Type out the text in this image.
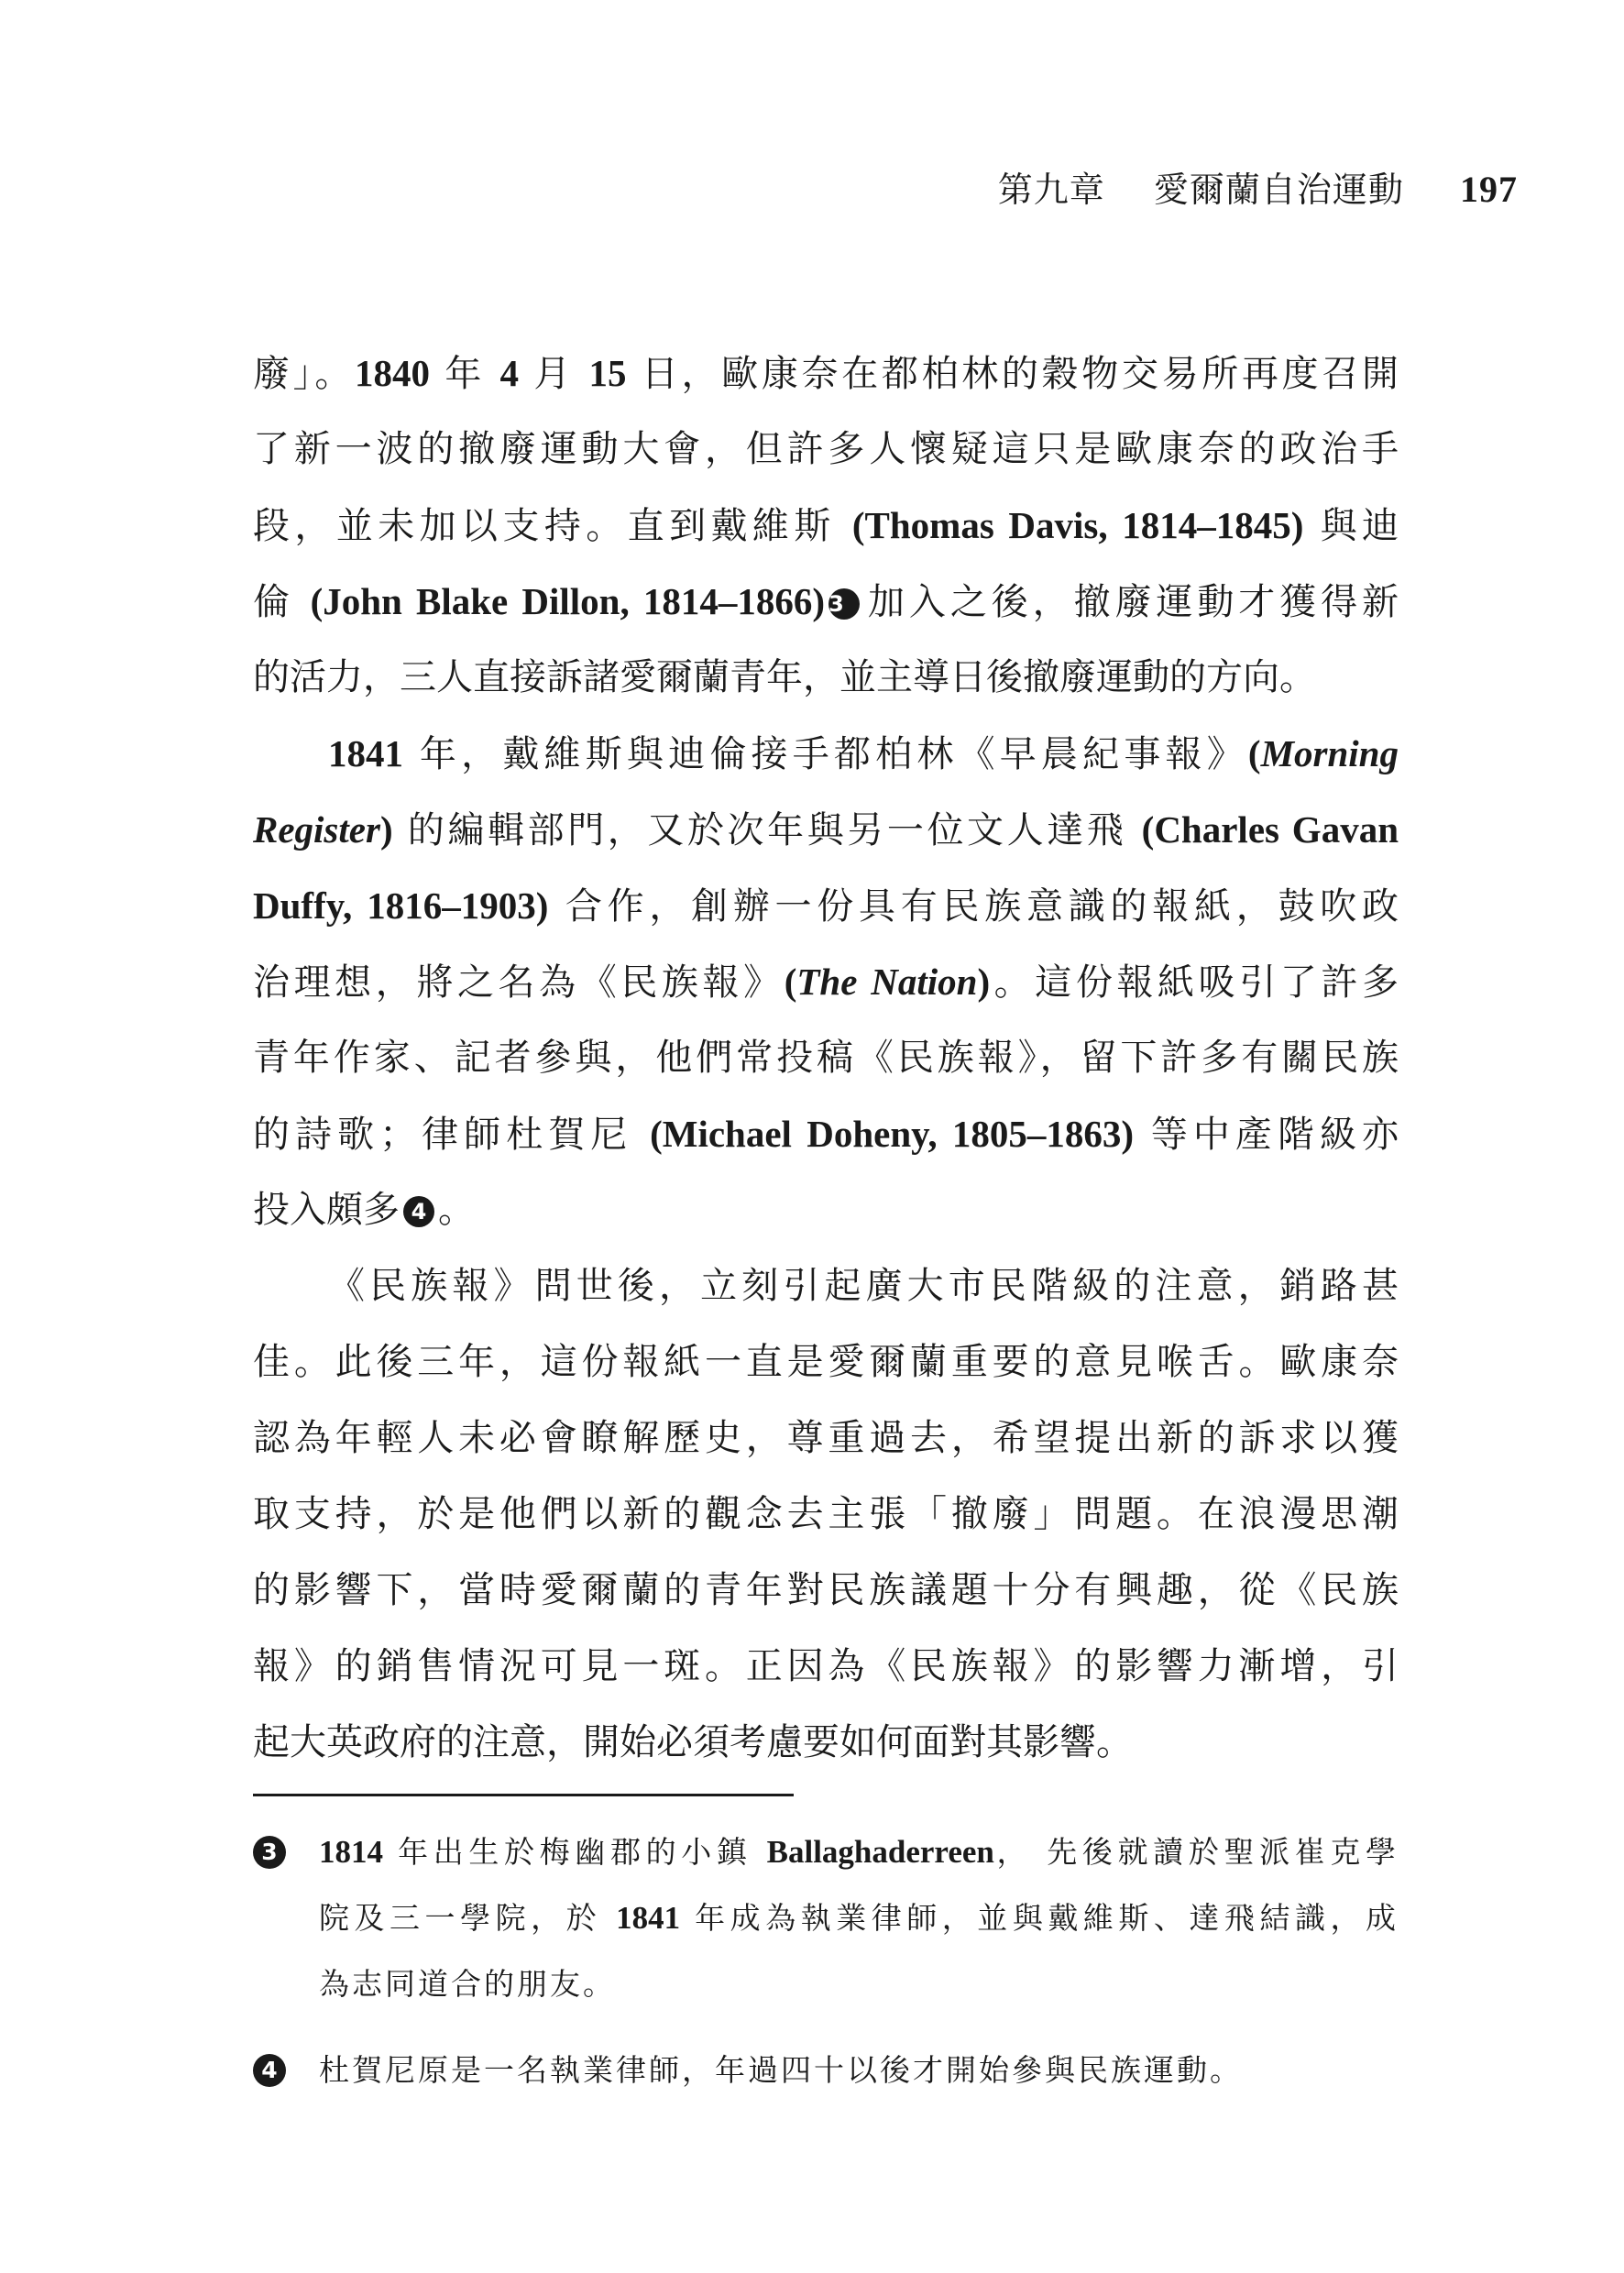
第九章 愛爾蘭自治運動 197
廢」。1840 年 4 月 15 日，歐康奈在都柏林的穀物交易所再度召開
了新一波的撤廢運動大會，但許多人懷疑這只是歐康奈的政治手
段，並未加以支持。直到戴維斯 (Thomas Davis, 1814–1845) 與迪
倫 (John Blake Dillon, 1814–1866) 3 加入之後，撤廢運動才獲得新
的活力，三人直接訴諸愛爾蘭青年，並主導日後撤廢運動的方向。
1841 年，戴維斯與迪倫接手都柏林《早晨紀事報》(Morning
Register) 的編輯部門，又於次年與另一位文人達飛 (Charles Gavan
Duffy, 1816–1903) 合作，創辦一份具有民族意識的報紙，鼓吹政
治理想，將之名為《民族報》(The Nation)。這份報紙吸引了許多
青年作家、記者參與，他們常投稿《民族報》，留下許多有關民族
的詩歌；律師杜賀尼 (Michael Doheny, 1805–1863) 等中產階級亦
投入頗多 4 。
《民族報》問世後，立刻引起廣大市民階級的注意，銷路甚
佳。此後三年，這份報紙一直是愛爾蘭重要的意見喉舌。歐康奈
認為年輕人未必會瞭解歷史，尊重過去，希望提出新的訴求以獲
取支持，於是他們以新的觀念去主張「撤廢」問題。在浪漫思潮
的影響下，當時愛爾蘭的青年對民族議題十分有興趣，從《民族
報》的銷售情況可見一斑。正因為《民族報》的影響力漸增，引
起大英政府的注意，開始必須考慮要如何面對其影響。
3 1814 年出生於梅幽郡的小鎮 Ballaghaderreen， 先後就讀於聖派崔克學
院及三一學院，於 1841 年成為執業律師，並與戴維斯、達飛結識，成
為志同道合的朋友。
4 杜賀尼原是一名執業律師，年過四十以後才開始參與民族運動。
